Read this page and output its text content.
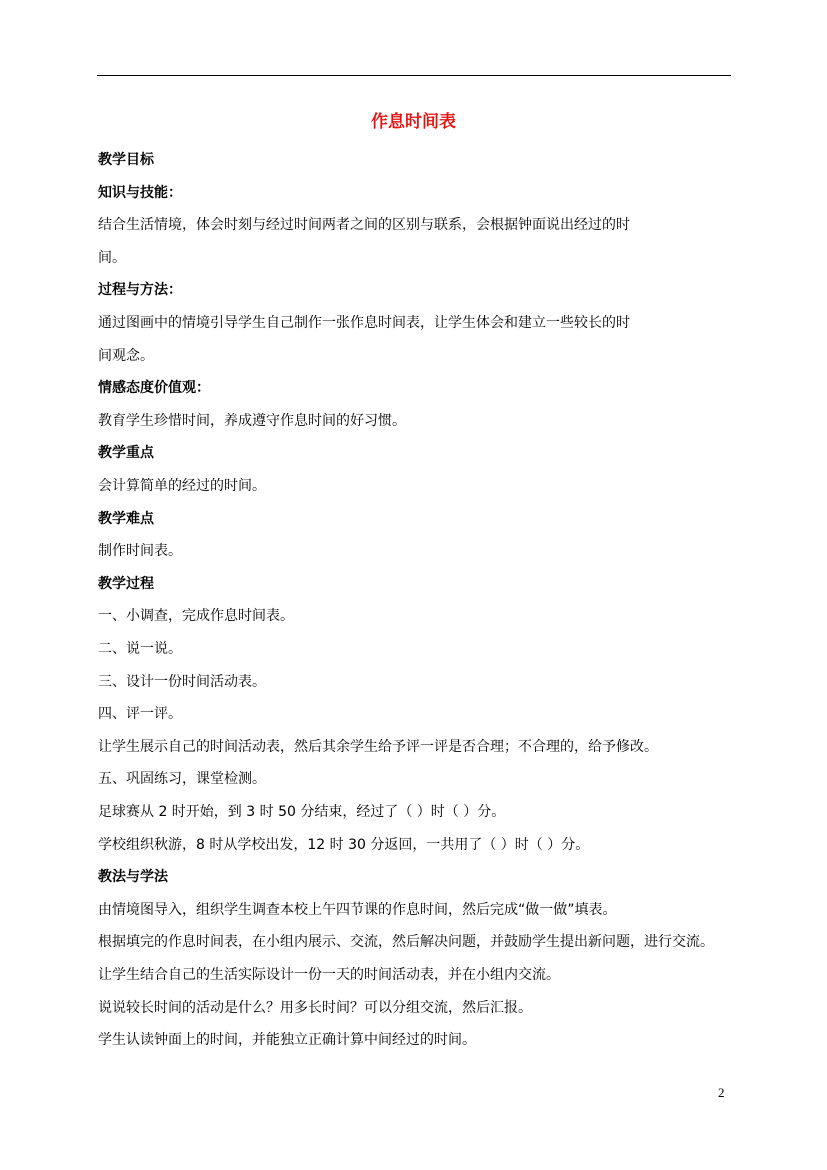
作息时间表
教学目标
知识与技能：
结合生活情境，体会时刻与经过时间两者之间的区别与联系，会根据钟面说出经过的时
间。
过程与方法：
通过图画中的情境引导学生自己制作一张作息时间表，让学生体会和建立一些较长的时
间观念。
情感态度价值观：
教育学生珍惜时间，养成遵守作息时间的好习惯。
教学重点
会计算简单的经过的时间。
教学难点
制作时间表。
教学过程
一、小调查，完成作息时间表。
二、说一说。
三、设计一份时间活动表。
四、评一评。
让学生展示自己的时间活动表，然后其余学生给予评一评是否合理；不合理的，给予修改。
五、巩固练习，课堂检测。
足球赛从 2 时开始，到 3 时 50 分结束，经过了（ ）时（ ）分。
学校组织秋游，8 时从学校出发，12 时 30 分返回，一共用了（ ）时（ ）分。
教法与学法
由情境图导入，组织学生调查本校上午四节课的作息时间，然后完成“做一做”填表。
根据填完的作息时间表，在小组内展示、交流，然后解决问题，并鼓励学生提出新问题，进行交流。
让学生结合自己的生活实际设计一份一天的时间活动表，并在小组内交流。
说说较长时间的活动是什么？用多长时间？可以分组交流，然后汇报。
学生认读钟面上的时间，并能独立正确计算中间经过的时间。
2
